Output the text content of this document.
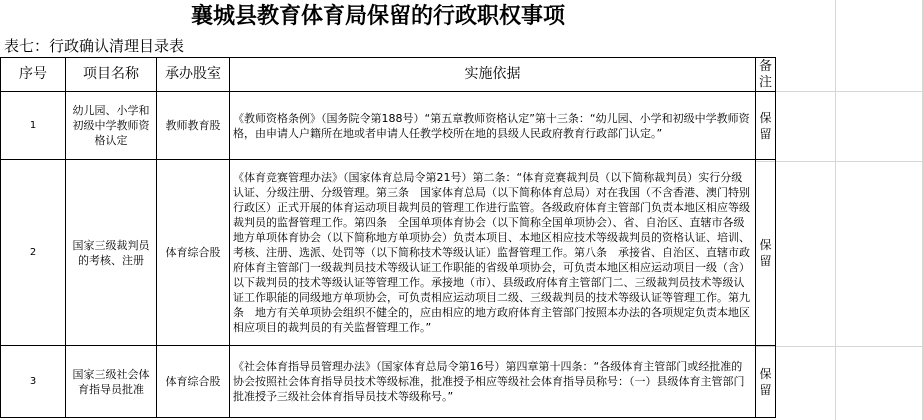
襄城县教育体育局保留的行政职权事项
表七：行政确认清理目录表
序号	项目名称	承办股室	实施依据	备注
1	幼儿园、小学和初级中学教师资格认定	教师教育股	《教师资格条例》（国务院令第188号）“第五章教师资格认定”第十三条：“幼儿园、小学和初级中学教师资格，由申请人户籍所在地或者申请人任教学校所在地的县级人民政府教育行政部门认定。”	保留
2	国家三级裁判员的考核、注册	体育综合股	《体育竞赛管理办法》（国家体育总局令第21号）第二条：“体育竞赛裁判员（以下简称裁判员）实行分级认证、分级注册、分级管理。第三条　国家体育总局（以下简称体育总局）对在我国（不含香港、澳门特别行政区）正式开展的体育运动项目裁判员的管理工作进行监管。各级政府体育主管部门负责本地区相应等级裁判员的监督管理工作。第四条　全国单项体育协会（以下简称全国单项协会）、省、自治区、直辖市各级地方单项体育协会（以下简称地方单项协会）负责本项目、本地区相应技术等级裁判员的资格认证、培训、考核、注册、选派、处罚等（以下简称技术等级认证）监督管理工作。第八条　承接省、自治区、直辖市政府体育主管部门一级裁判员技术等级认证工作职能的省级单项协会，可负责本地区相应运动项目一级（含）以下裁判员的技术等级认证等管理工作。承接地（市）、县级政府体育主管部门二、三级裁判员技术等级认证工作职能的同级地方单项协会，可负责相应运动项目二级、三级裁判员的技术等级认证等管理工作。第九条　地方有关单项协会组织不健全的，应由相应的地方政府体育主管部门按照本办法的各项规定负责本地区相应项目的裁判员的有关监督管理工作。”	保留
3	国家三级社会体育指导员批准	体育综合股	《社会体育指导员管理办法》（国家体育总局令第16号）第四章第十四条：“各级体育主管部门或经批准的协会按照社会体育指导员技术等级标准，批准授予相应等级社会体育指导员称号：（一）县级体育主管部门批准授予三级社会体育指导员技术等级称号。”	保留
